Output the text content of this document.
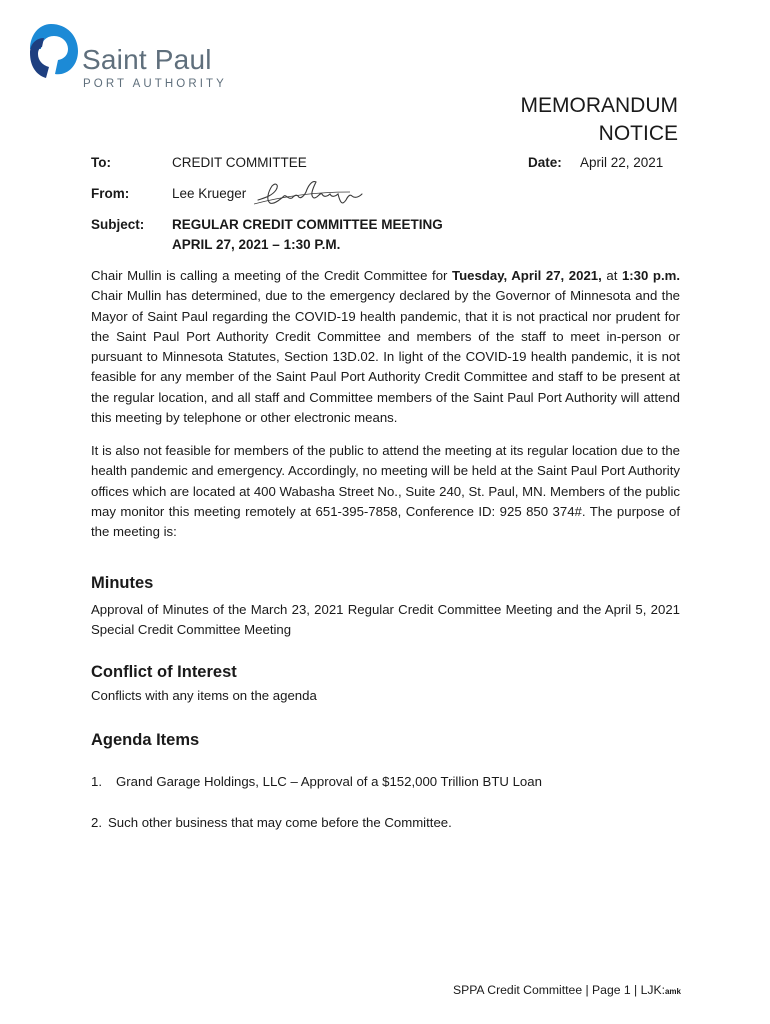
Saint Paul
PORT AUTHORITY
MEMORANDUM
NOTICE
To:	CREDIT COMMITTEE	Date: April 22, 2021
From:	Lee Krueger
Subject: REGULAR CREDIT COMMITTEE MEETING
APRIL 27, 2021 – 1:30 P.M.
Chair Mullin is calling a meeting of the Credit Committee for Tuesday, April 27, 2021, at 1:30 p.m. Chair Mullin has determined, due to the emergency declared by the Governor of Minnesota and the Mayor of Saint Paul regarding the COVID-19 health pandemic, that it is not practical nor prudent for the Saint Paul Port Authority Credit Committee and members of the staff to meet in-person or pursuant to Minnesota Statutes, Section 13D.02. In light of the COVID-19 health pandemic, it is not feasible for any member of the Saint Paul Port Authority Credit Committee and staff to be present at the regular location, and all staff and Committee members of the Saint Paul Port Authority will attend this meeting by telephone or other electronic means.
It is also not feasible for members of the public to attend the meeting at its regular location due to the health pandemic and emergency. Accordingly, no meeting will be held at the Saint Paul Port Authority offices which are located at 400 Wabasha Street No., Suite 240, St. Paul, MN. Members of the public may monitor this meeting remotely at 651-395-7858, Conference ID: 925 850 374#. The purpose of the meeting is:
Minutes
Approval of Minutes of the March 23, 2021 Regular Credit Committee Meeting and the April 5, 2021 Special Credit Committee Meeting
Conflict of Interest
Conflicts with any items on the agenda
Agenda Items
1. Grand Garage Holdings, LLC – Approval of a $152,000 Trillion BTU Loan
2. Such other business that may come before the Committee.
SPPA Credit Committee | Page 1 | LJK:amk
